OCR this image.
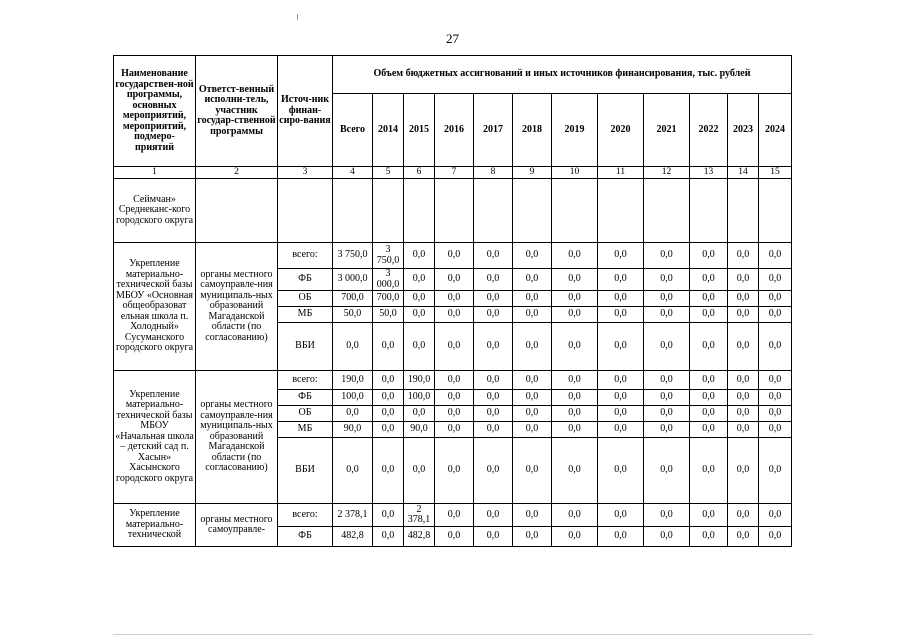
27
Наименование государствен-ной программы, основных мероприятий, мероприятий, подмеро-приятий	Ответст-венный исполни-тель, участник государ-ственной программы	Источ-ник финан-сиро-вания	Объем бюджетных ассигнований и иных источников финансирования, тыс. рублей											
			Всего	2014	2015	2016	2017	2018	2019	2020	2021	2022	2023	2024
1	2	3	4	5	6	7	8	9	10	11	12	13	14	15
Сеймчан» Среднеканс-кого городского округа														
Укрепление материально-технической базы МБОУ «Основная общеобразоват ельная школа п. Холодный» Сусуманского городского округа	органы местного самоуправле-ния муниципаль-ных образований Магаданской области (по согласованию)	всего:	3 750,0	3 750,0	0,0	0,0	0,0	0,0	0,0	0,0	0,0	0,0	0,0	0,0
		ФБ	3 000,0	3 000,0	0,0	0,0	0,0	0,0	0,0	0,0	0,0	0,0	0,0	0,0
		ОБ	700,0	700,0	0,0	0,0	0,0	0,0	0,0	0,0	0,0	0,0	0,0	0,0
		МБ	50,0	50,0	0,0	0,0	0,0	0,0	0,0	0,0	0,0	0,0	0,0	0,0
		ВБИ	0,0	0,0	0,0	0,0	0,0	0,0	0,0	0,0	0,0	0,0	0,0	0,0
Укрепление материально-технической базы МБОУ «Начальная школа – детский сад п. Хасын» Хасынского городского округа	органы местного самоуправле-ния муниципаль-ных образований Магаданской области (по согласованию)	всего:	190,0	0,0	190,0	0,0	0,0	0,0	0,0	0,0	0,0	0,0	0,0	0,0
		ФБ	100,0	0,0	100,0	0,0	0,0	0,0	0,0	0,0	0,0	0,0	0,0	0,0
		ОБ	0,0	0,0	0,0	0,0	0,0	0,0	0,0	0,0	0,0	0,0	0,0	0,0
		МБ	90,0	0,0	90,0	0,0	0,0	0,0	0,0	0,0	0,0	0,0	0,0	0,0
		ВБИ	0,0	0,0	0,0	0,0	0,0	0,0	0,0	0,0	0,0	0,0	0,0	0,0
Укрепление материально-технической	органы местного самоуправле-	всего:	2 378,1	0,0	2 378,1	0,0	0,0	0,0	0,0	0,0	0,0	0,0	0,0	0,0
		ФБ	482,8	0,0	482,8	0,0	0,0	0,0	0,0	0,0	0,0	0,0	0,0	0,0
